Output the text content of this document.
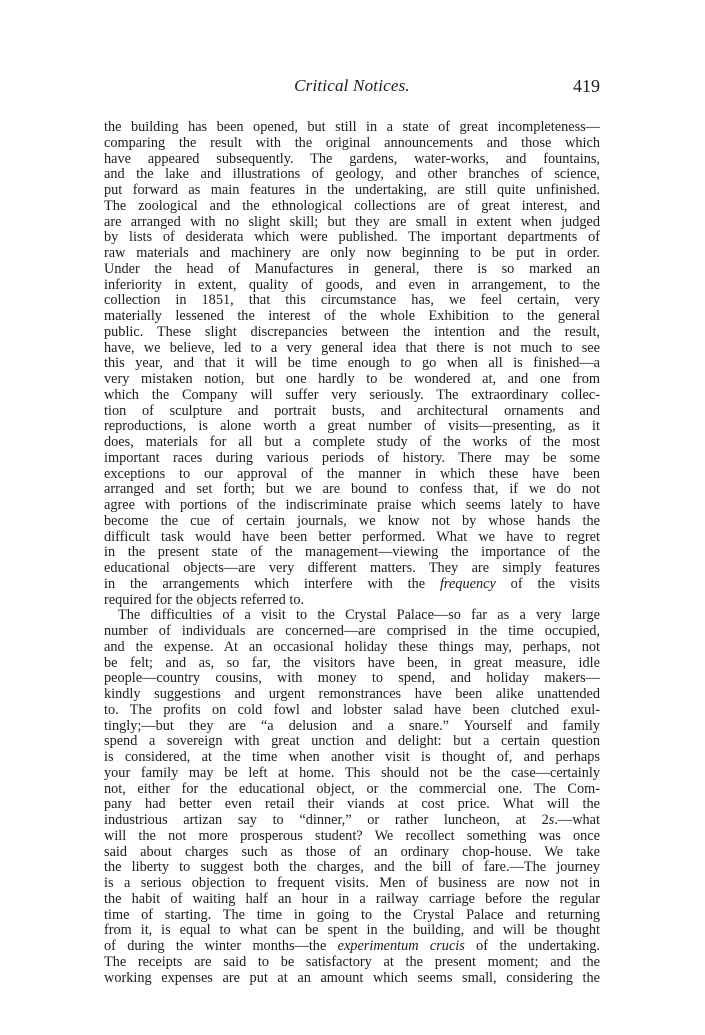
Critical Notices.	419
the building has been opened, but still in a state of great incompleteness—
comparing the result with the original announcements and those which
have appeared subsequently. The gardens, water-works, and fountains,
and the lake and illustrations of geology, and other branches of science,
put forward as main features in the undertaking, are still quite unfinished.
The zoological and the ethnological collections are of great interest, and
are arranged with no slight skill; but they are small in extent when judged
by lists of desiderata which were published. The important departments of
raw materials and machinery are only now beginning to be put in order.
Under the head of Manufactures in general, there is so marked an
inferiority in extent, quality of goods, and even in arrangement, to the
collection in 1851, that this circumstance has, we feel certain, very
materially lessened the interest of the whole Exhibition to the general
public. These slight discrepancies between the intention and the result,
have, we believe, led to a very general idea that there is not much to see
this year, and that it will be time enough to go when all is finished—a
very mistaken notion, but one hardly to be wondered at, and one from
which the Company will suffer very seriously. The extraordinary collec-
tion of sculpture and portrait busts, and architectural ornaments and
reproductions, is alone worth a great number of visits—presenting, as it
does, materials for all but a complete study of the works of the most
important races during various periods of history. There may be some
exceptions to our approval of the manner in which these have been
arranged and set forth; but we are bound to confess that, if we do not
agree with portions of the indiscriminate praise which seems lately to have
become the cue of certain journals, we know not by whose hands the
difficult task would have been better performed. What we have to regret
in the present state of the management—viewing the importance of the
educational objects—are very different matters. They are simply features
in the arrangements which interfere with the frequency of the visits
required for the objects referred to.
The difficulties of a visit to the Crystal Palace—so far as a very large
number of individuals are concerned—are comprised in the time occupied,
and the expense. At an occasional holiday these things may, perhaps, not
be felt; and as, so far, the visitors have been, in great measure, idle
people—country cousins, with money to spend, and holiday makers—
kindly suggestions and urgent remonstrances have been alike unattended
to. The profits on cold fowl and lobster salad have been clutched exul-
tingly;—but they are “a delusion and a snare.” Yourself and family
spend a sovereign with great unction and delight: but a certain question
is considered, at the time when another visit is thought of, and perhaps
your family may be left at home. This should not be the case—certainly
not, either for the educational object, or the commercial one. The Com-
pany had better even retail their viands at cost price. What will the
industrious artizan say to “dinner,” or rather luncheon, at 2s.—what
will the not more prosperous student? We recollect something was once
said about charges such as those of an ordinary chop-house. We take
the liberty to suggest both the charges, and the bill of fare.—The journey
is a serious objection to frequent visits. Men of business are now not in
the habit of waiting half an hour in a railway carriage before the regular
time of starting. The time in going to the Crystal Palace and returning
from it, is equal to what can be spent in the building, and will be thought
of during the winter months—the experimentum crucis of the undertaking.
The receipts are said to be satisfactory at the present moment; and the
working expenses are put at an amount which seems small, considering the
